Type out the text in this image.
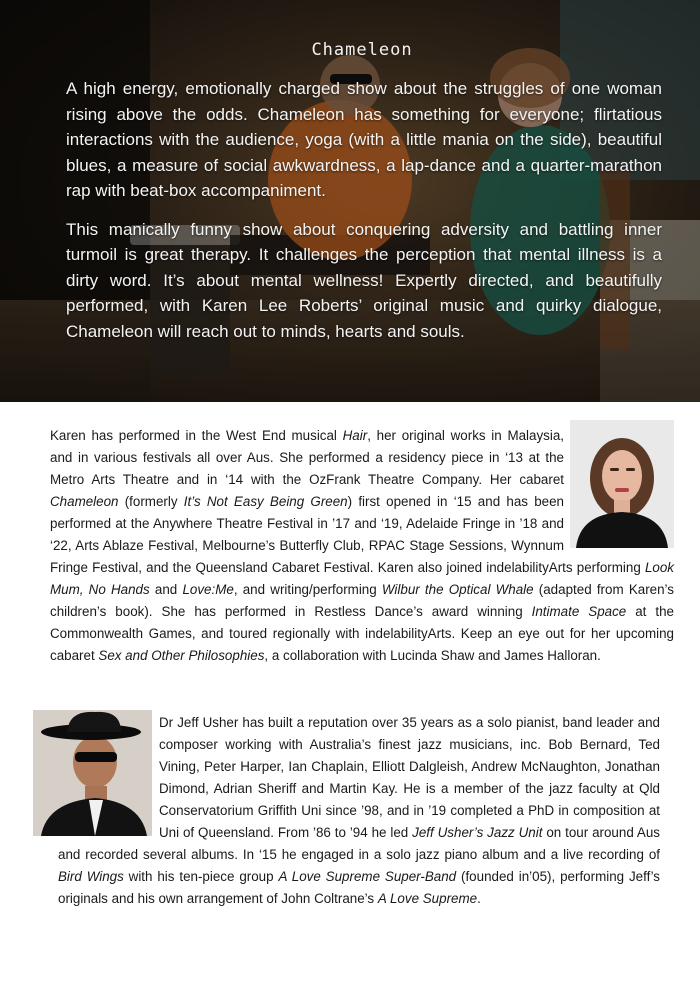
Chameleon

A high energy, emotionally charged show about the struggles of one woman rising above the odds. Chameleon has something for everyone; flirtatious interactions with the audience, yoga (with a little mania on the side), beautiful blues, a measure of social awkwardness, a lap-dance and a quarter-marathon rap with beat-box accompaniment.

This manically funny show about conquering adversity and battling inner turmoil is great therapy. It challenges the perception that mental illness is a dirty word. It’s about mental wellness! Expertly directed, and beautifully performed, with Karen Lee Roberts’ original music and quirky dialogue, Chameleon will reach out to minds, hearts and souls.

Karen has performed in the West End musical Hair, her original works in Malaysia, and in various festivals all over Aus. She performed a residency piece in ‘13 at the Metro Arts Theatre and in ‘14 with the OzFrank Theatre Company. Her cabaret Chameleon (formerly It’s Not Easy Being Green) first opened in ‘15 and has been performed at the Anywhere Theatre Festival in ’17 and ‘19, Adelaide Fringe in ’18 and ‘22, Arts Ablaze Festival, Melbourne’s Butterfly Club, RPAC Stage Sessions, Wynnum Fringe Festival, and the Queensland Cabaret Festival. Karen also joined indelabilityArts performing Look Mum, No Hands and Love:Me, and writing/performing Wilbur the Optical Whale (adapted from Karen’s children’s book). She has performed in Restless Dance’s award winning Intimate Space at the Commonwealth Games, and toured regionally with indelabilityArts. Keep an eye out for her upcoming cabaret Sex and Other Philosophies, a collaboration with Lucinda Shaw and James Halloran.

Dr Jeff Usher has built a reputation over 35 years as a solo pianist, band leader and composer working with Australia’s finest jazz musicians, inc. Bob Bernard, Ted Vining, Peter Harper, Ian Chaplain, Elliott Dalgleish, Andrew McNaughton, Jonathan Dimond, Adrian Sheriff and Martin Kay. He is a member of the jazz faculty at Qld Conservatorium Griffith Uni since ’98, and in ’19 completed a PhD in composition at Uni of Queensland. From ’86 to ’94 he led Jeff Usher’s Jazz Unit on tour around Aus and recorded several albums. In ‘15 he engaged in a solo jazz piano album and a live recording of Bird Wings with his ten-piece group A Love Supreme Super-Band (founded in’05), performing Jeff’s originals and his own arrangement of John Coltrane’s A Love Supreme.
